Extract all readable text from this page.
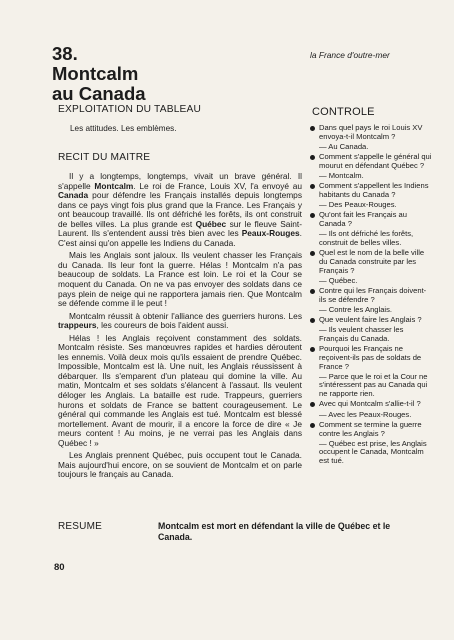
38. Montcalm au Canada
la France d'outre-mer
EXPLOITATION DU TABLEAU
Les attitudes. Les emblèmes.
RECIT DU MAITRE

Il y a longtemps, longtemps, vivait un brave général. Il s'appelle Montcalm. Le roi de France, Louis XV, l'a envoyé au Canada pour défendre les Français installés depuis longtemps dans ce pays vingt fois plus grand que la France. Les Français y ont beaucoup travaillé. Ils ont défriché les forêts, ils ont construit de belles villes. La plus grande est Québec sur le fleuve Saint-Laurent. Ils s'entendent aussi très bien avec les Peaux-Rouges. C'est ainsi qu'on appelle les Indiens du Canada.

Mais les Anglais sont jaloux. Ils veulent chasser les Français du Canada. Ils leur font la guerre. Hélas ! Montcalm n'a pas beaucoup de soldats. La France est loin. Le roi et la Cour se moquent du Canada. On ne va pas envoyer des soldats dans ce pays plein de neige qui ne rapportera jamais rien. Que Montcalm se défende comme il le peut !

Montcalm réussit à obtenir l'alliance des guerriers hurons. Les trappeurs, les coureurs de bois l'aident aussi.

Hélas ! les Anglais reçoivent constamment des soldats. Montcalm résiste. Ses manœuvres rapides et hardies déroutent les ennemis. Voilà deux mois qu'ils essaient de prendre Québec. Impossible, Montcalm est là. Une nuit, les Anglais réussissent à débarquer. Ils s'emparent d'un plateau qui domine la ville. Au matin, Montcalm et ses soldats s'élancent à l'assaut. Ils veulent déloger les Anglais. La bataille est rude. Trappeurs, guerriers hurons et soldats de France se battent courageusement. Le général qui commande les Anglais est tué. Montcalm est blessé mortellement. Avant de mourir, il a encore la force de dire « Je meurs content ! Au moins, je ne verrai pas les Anglais dans Québec ! »

Les Anglais prennent Québec, puis occupent tout le Canada. Mais aujourd'hui encore, on se souvient de Montcalm et on parle toujours le français au Canada.

CONTROLE
Dans quel pays le roi Louis XV envoya-t-il Montcalm ?
— Au Canada.
Comment s'appelle le général qui mourut en défendant Québec ?
— Montcalm.
Comment s'appellent les Indiens habitants du Canada ?
— Des Peaux-Rouges.
Qu'ont fait les Français au Canada ?
— Ils ont défriché les forêts, construit de belles villes.
Quel est le nom de la belle ville du Canada construite par les Français ?
— Québec.
Contre qui les Français doivent-ils se défendre ?
— Contre les Anglais.
Que veulent faire les Anglais ?
— Ils veulent chasser les Français du Canada.
Pourquoi les Français ne reçoivent-ils pas de soldats de France ?
— Parce que le roi et la Cour ne s'intéressent pas au Canada qui ne rapporte rien.
Avec qui Montcalm s'allie-t-il ?
— Avec les Peaux-Rouges.
Comment se termine la guerre contre les Anglais ?
— Québec est prise, les Anglais occupent le Canada, Montcalm est tué.
RESUME	Montcalm est mort en défendant la ville de Québec et le Canada.
80
